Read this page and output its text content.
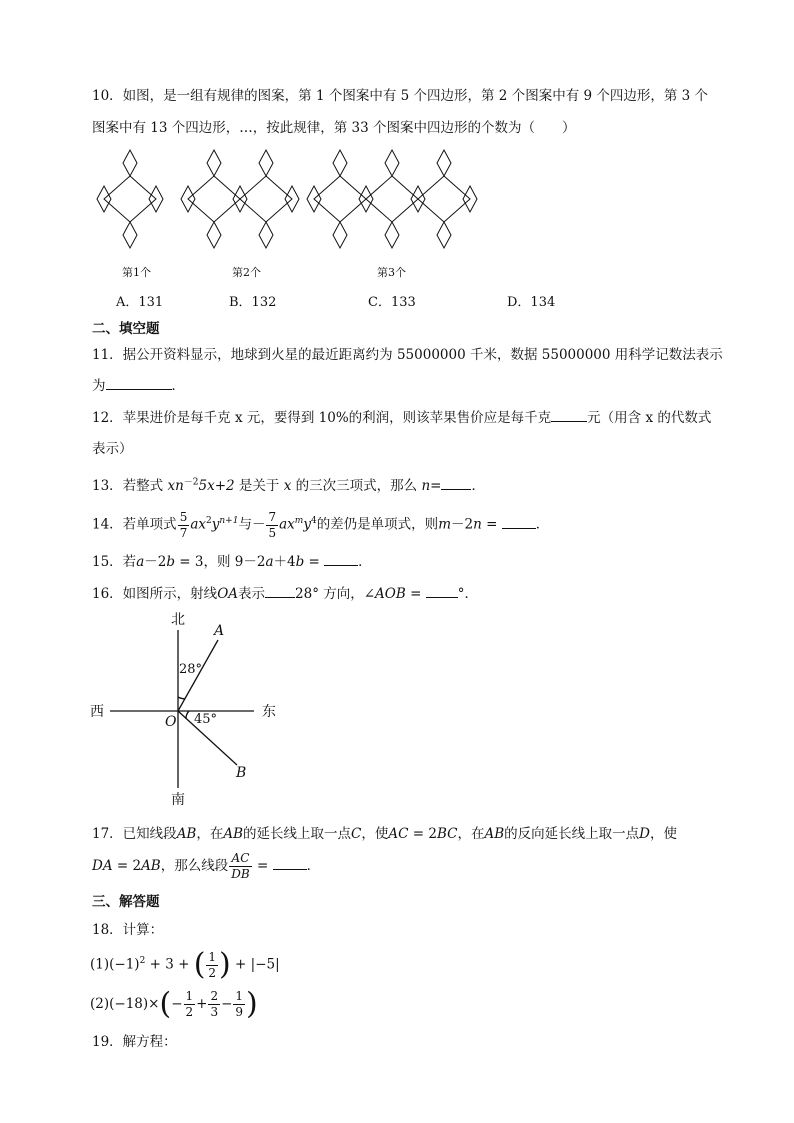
10．如图，是一组有规律的图案，第 1 个图案中有 5 个四边形，第 2 个图案中有 9 个四边形，第 3 个
图案中有 13 个四边形，…，按此规律，第 33 个图案中四边形的个数为（　　）
第1个	第2个	第3个
A．131	B．132	C．133	D．134
二、填空题
11．据公开资料显示，地球到火星的最近距离约为 55000000 千米，数据 55000000 用科学记数法表示
为	．
12．苹果进价是每千克 x 元，要得到 10%的利润，则该苹果售价应是每千克	元（用含 x 的代数式
表示）
13．若整式 $xn^{-2}5x+2$ 是关于 x 的三次三项式，那么 n= ．
14．若单项式 $\frac{5}{7} ax^2y^{n+1}$与－ $\frac{7}{5} ax^my^4$的差仍是单项式，则m－2n =	．
15．若a－2b = 3，则 9－2a＋4b =	．
16．如图所示，射线OA表示 28° 方向，∠AOB = °．
北
南
西	东
O
A
B
28°
45°
17．已知线段AB，在AB的延长线上取一点C，使AC = 2BC，在AB的反向延长线上取一点D，使
DA = 2AB，那么线段 $\frac{AC}{DB}$ =	．
三、解答题
18．计算：
$(1)(-1)^2 + 3$ + ( $\frac{1}{2}$ ) + |−5|
$(2)(-18)\times(- \frac{1}{2} + \frac{2}{3} - \frac{1}{9}$ )
19．解方程：
